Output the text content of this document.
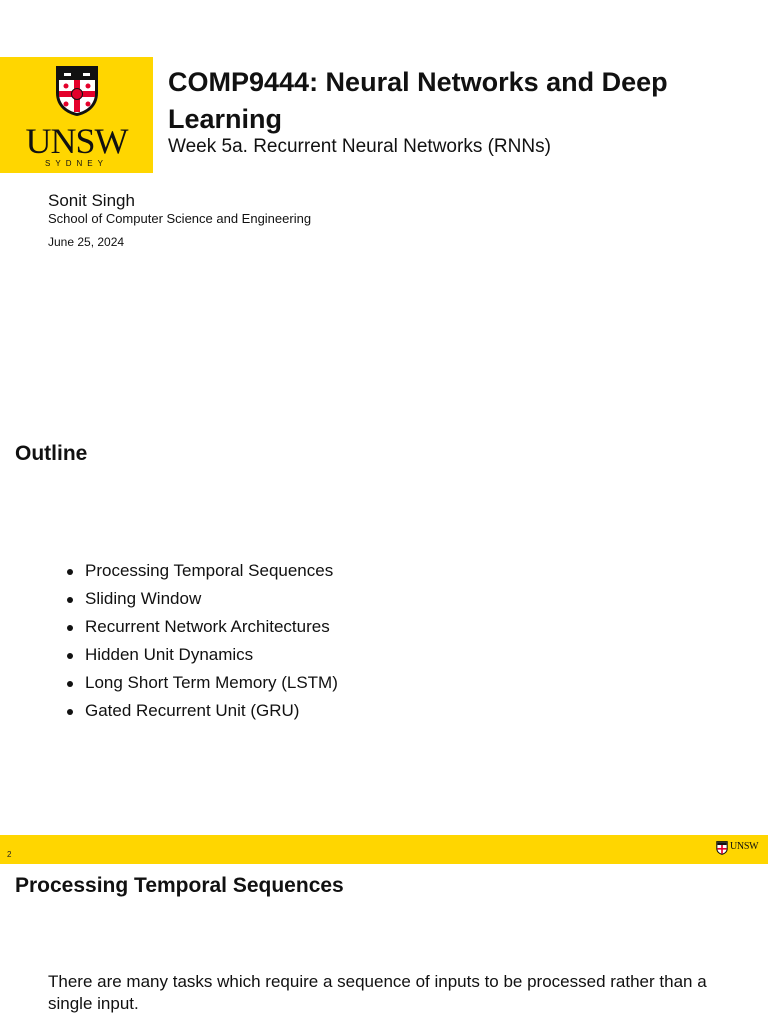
UNSW
SYDNEY
COMP9444: Neural Networks and Deep Learning
Week 5a. Recurrent Neural Networks (RNNs)
Sonit Singh
School of Computer Science and Engineering
June 25, 2024
Outline
Processing Temporal Sequences
Sliding Window
Recurrent Network Architectures
Hidden Unit Dynamics
Long Short Term Memory (LSTM)
Gated Recurrent Unit (GRU)
2
UNSW
Processing Temporal Sequences
There are many tasks which require a sequence of inputs to be processed rather than a single input.
